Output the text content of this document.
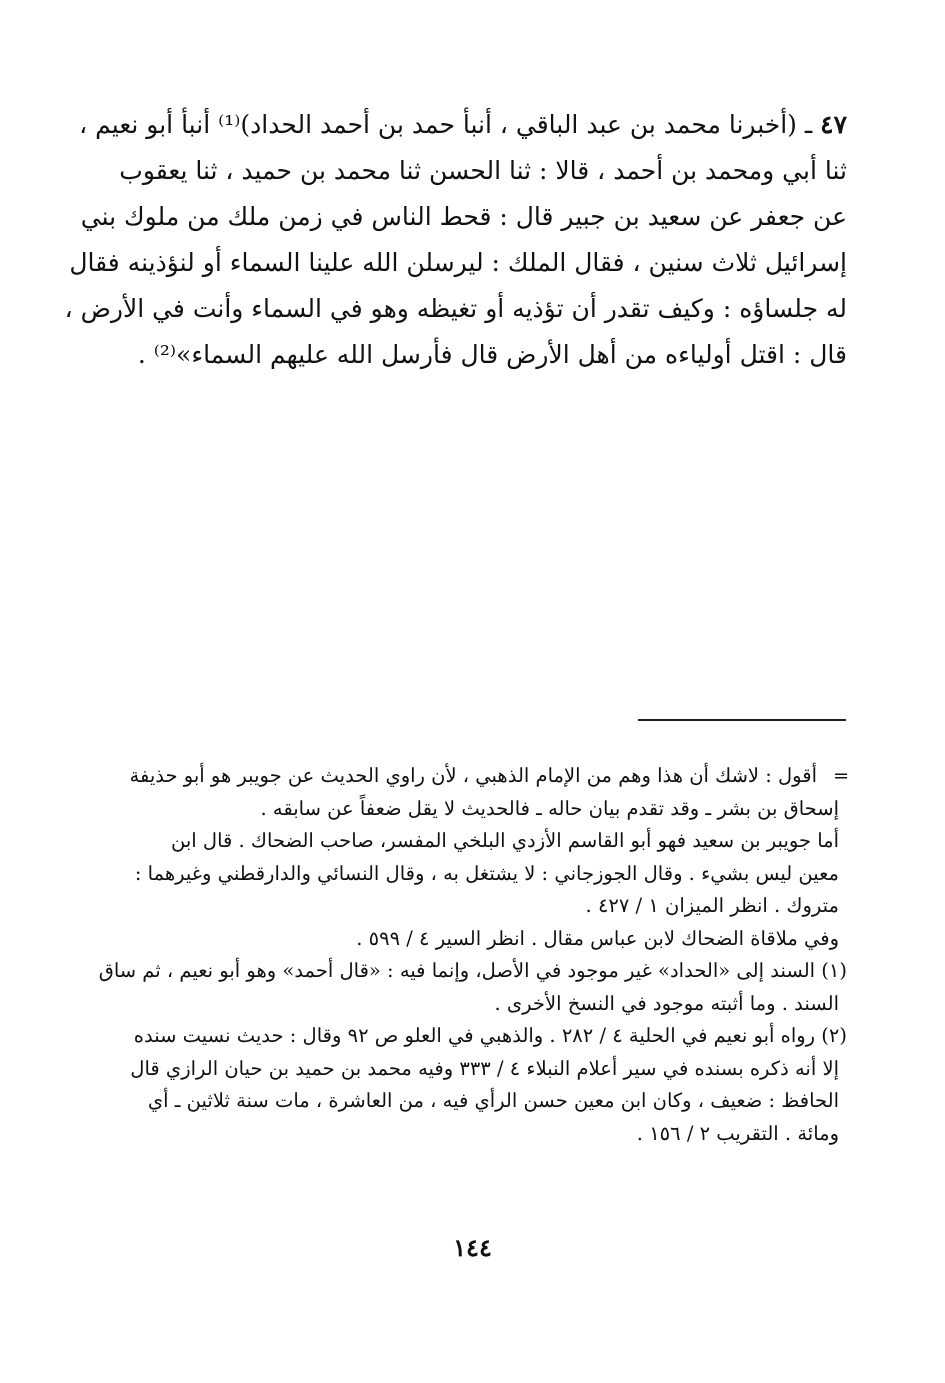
٤٧ ـ (أخبرنا محمد بن عبد الباقي ، أنبأ حمد بن أحمد الحداد)⁽¹⁾ أنبأ أبو نعيم ،
ثنا أبي ومحمد بن أحمد ، قالا : ثنا الحسن ثنا محمد بن حميد ، ثنا يعقوب
عن جعفر عن سعيد بن جبير قال : قحط الناس في زمن ملك من ملوك بني
إسرائيل ثلاث سنين ، فقال الملك : ليرسلن الله علينا السماء أو لنؤذينه فقال
له جلساؤه : وكيف تقدر أن تؤذيه أو تغيظه وهو في السماء وأنت في الأرض ،
قال : اقتل أولياءه من أهل الأرض قال فأرسل الله عليهم السماء»⁽²⁾ .
=
أقول : لاشك أن هذا وهم من الإمام الذهبي ، لأن راوي الحديث عن جويبر هو أبو حذيفة
إسحاق بن بشر ـ وقد تقدم بيان حاله ـ فالحديث لا يقل ضعفاً عن سابقه .
أما جويبر بن سعيد فهو أبو القاسم الأزدي البلخي المفسر، صاحب الضحاك . قال ابن
معين ليس بشيء . وقال الجوزجاني : لا يشتغل به ، وقال النسائي والدارقطني وغيرهما :
متروك . انظر الميزان ١ / ٤٢٧ .
وفي ملاقاة الضحاك لابن عباس مقال . انظر السير ٤ / ٥٩٩ .
(١) السند إلى «الحداد» غير موجود في الأصل، وإنما فيه : «قال أحمد» وهو أبو نعيم ، ثم ساق
السند . وما أثبته موجود في النسخ الأخرى .
(٢) رواه أبو نعيم في الحلية ٤ / ٢٨٢ . والذهبي في العلو ص ٩٢ وقال : حديث نسيت سنده
إلا أنه ذكره بسنده في سير أعلام النبلاء ٤ / ٣٣٣ وفيه محمد بن حميد بن حيان الرازي قال
الحافظ : ضعيف ، وكان ابن معين حسن الرأي فيه ، من العاشرة ، مات سنة ثلاثين ـ أي
ومائة . التقريب ٢ / ١٥٦ .
١٤٤
